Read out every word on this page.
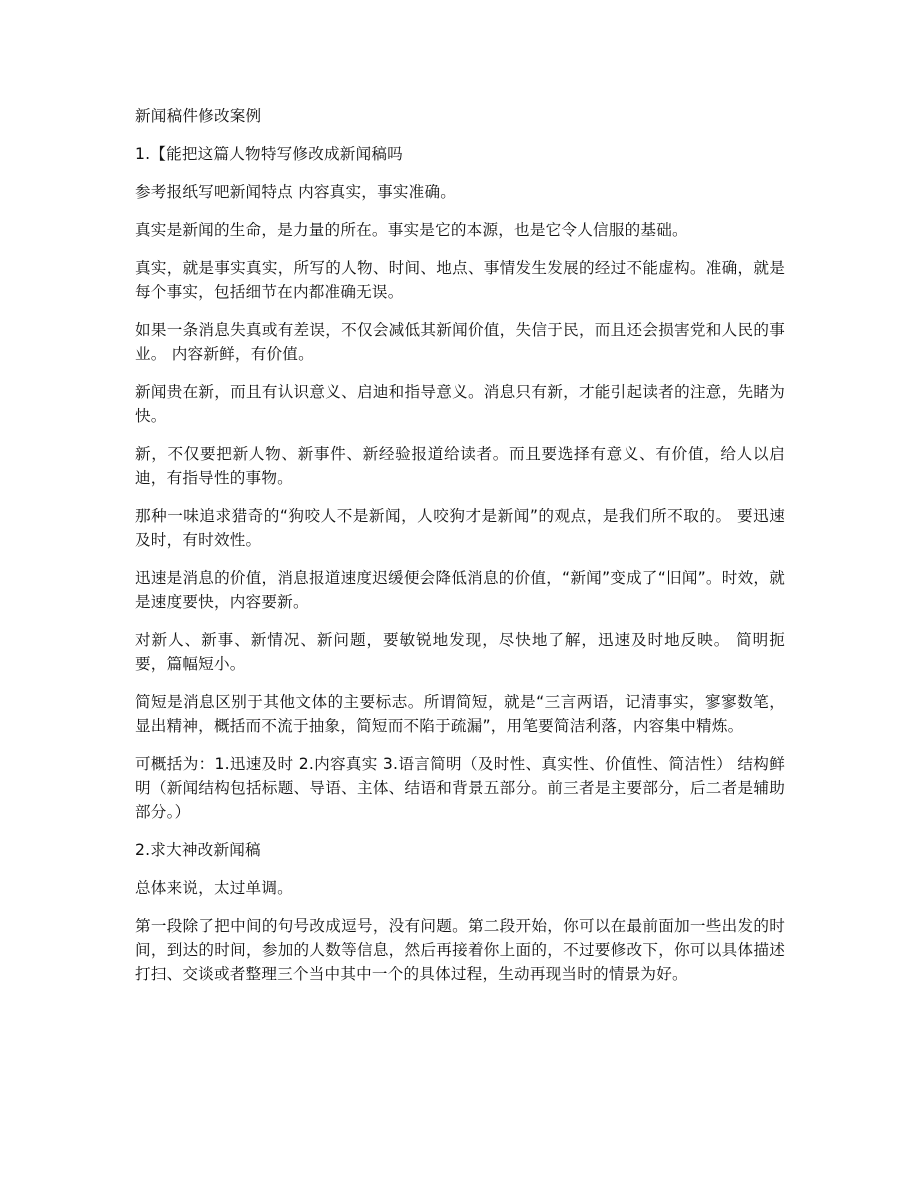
新闻稿件修改案例

1.【能把这篇人物特写修改成新闻稿吗

参考报纸写吧新闻特点 内容真实，事实准确。

真实是新闻的生命，是力量的所在。事实是它的本源，也是它令人信服的基础。

真实，就是事实真实，所写的人物、时间、地点、事情发生发展的经过不能虚构。准确，就是每个事实，包括细节在内都准确无误。

如果一条消息失真或有差误，不仅会减低其新闻价值，失信于民，而且还会损害党和人民的事业。 内容新鲜，有价值。

新闻贵在新，而且有认识意义、启迪和指导意义。消息只有新，才能引起读者的注意，先睹为快。

新，不仅要把新人物、新事件、新经验报道给读者。而且要选择有意义、有价值，给人以启迪，有指导性的事物。

那种一味追求猎奇的“狗咬人不是新闻，人咬狗才是新闻”的观点，是我们所不取的。 要迅速及时，有时效性。

迅速是消息的价值，消息报道速度迟缓便会降低消息的价值，“新闻”变成了“旧闻”。时效，就是速度要快，内容要新。

对新人、新事、新情况、新问题，要敏锐地发现，尽快地了解，迅速及时地反映。 简明扼要，篇幅短小。

简短是消息区别于其他文体的主要标志。所谓简短，就是“三言两语，记清事实，寥寥数笔，显出精神，概括而不流于抽象，简短而不陷于疏漏”，用笔要简洁利落，内容集中精炼。

可概括为：1.迅速及时 2.内容真实 3.语言简明（及时性、真实性、价值性、简洁性） 结构鲜明（新闻结构包括标题、导语、主体、结语和背景五部分。前三者是主要部分，后二者是辅助部分。）

2.求大神改新闻稿

总体来说，太过单调。

第一段除了把中间的句号改成逗号，没有问题。第二段开始，你可以在最前面加一些出发的时间，到达的时间，参加的人数等信息，然后再接着你上面的，不过要修改下，你可以具体描述打扫、交谈或者整理三个当中其中一个的具体过程，生动再现当时的情景为好。
